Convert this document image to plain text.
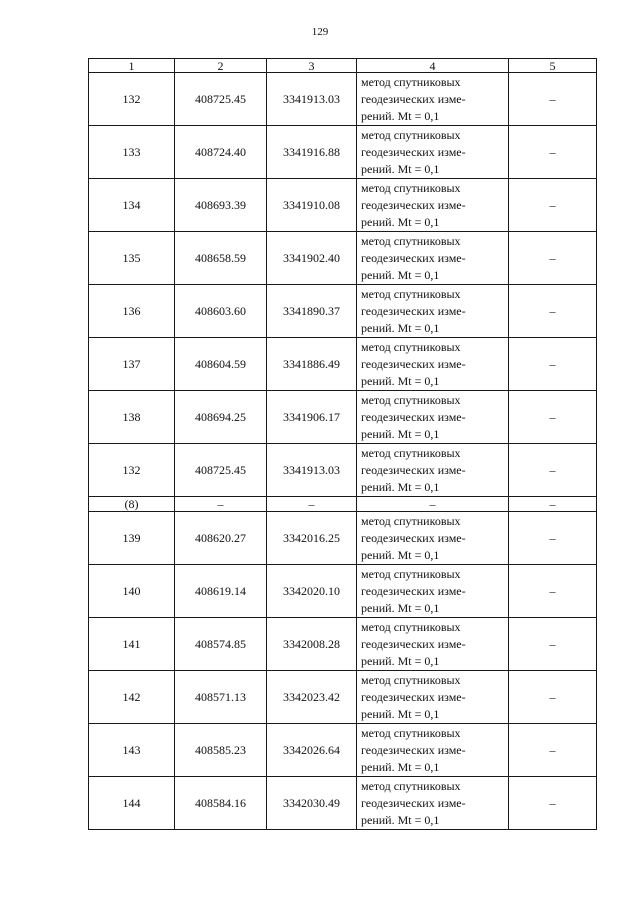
129
1	2	3	4	5
132	408725.45	3341913.03	метод спутниковых
геодезических изме-
рений. Mt = 0,1	–
133	408724.40	3341916.88	метод спутниковых
геодезических изме-
рений. Mt = 0,1	–
134	408693.39	3341910.08	метод спутниковых
геодезических изме-
рений. Mt = 0,1	–
135	408658.59	3341902.40	метод спутниковых
геодезических изме-
рений. Mt = 0,1	–
136	408603.60	3341890.37	метод спутниковых
геодезических изме-
рений. Mt = 0,1	–
137	408604.59	3341886.49	метод спутниковых
геодезических изме-
рений. Mt = 0,1	–
138	408694.25	3341906.17	метод спутниковых
геодезических изме-
рений. Mt = 0,1	–
132	408725.45	3341913.03	метод спутниковых
геодезических изме-
рений. Mt = 0,1	–
(8)	–	–	–	–
139	408620.27	3342016.25	метод спутниковых
геодезических изме-
рений. Mt = 0,1	–
140	408619.14	3342020.10	метод спутниковых
геодезических изме-
рений. Mt = 0,1	–
141	408574.85	3342008.28	метод спутниковых
геодезических изме-
рений. Mt = 0,1	–
142	408571.13	3342023.42	метод спутниковых
геодезических изме-
рений. Mt = 0,1	–
143	408585.23	3342026.64	метод спутниковых
геодезических изме-
рений. Mt = 0,1	–
144	408584.16	3342030.49	метод спутниковых
геодезических изме-
рений. Mt = 0,1	–
